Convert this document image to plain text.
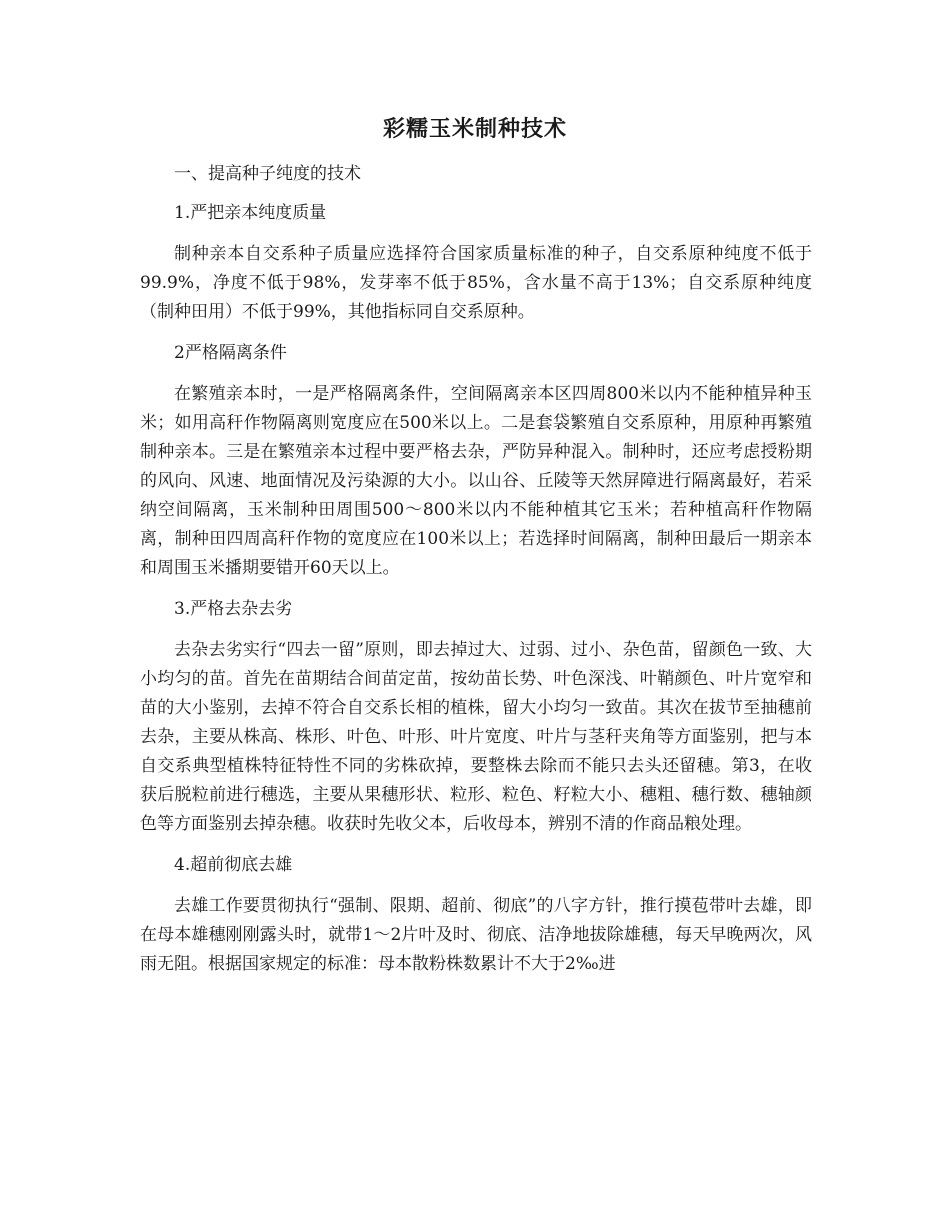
彩糯玉米制种技术

一、提高种子纯度的技术

1.严把亲本纯度质量

制种亲本自交系种子质量应选择符合国家质量标准的种子，自交系原种纯度不低于99.9%，净度不低于98%，发芽率不低于85%，含水量不高于13%；自交系原种纯度（制种田用）不低于99%，其他指标同自交系原种。

2严格隔离条件

在繁殖亲本时，一是严格隔离条件，空间隔离亲本区四周800米以内不能种植异种玉米；如用高秆作物隔离则宽度应在500米以上。二是套袋繁殖自交系原种，用原种再繁殖制种亲本。三是在繁殖亲本过程中要严格去杂，严防异种混入。制种时，还应考虑授粉期的风向、风速、地面情况及污染源的大小。以山谷、丘陵等天然屏障进行隔离最好，若采纳空间隔离，玉米制种田周围500～800米以内不能种植其它玉米；若种植高秆作物隔离，制种田四周高秆作物的宽度应在100米以上；若选择时间隔离，制种田最后一期亲本和周围玉米播期要错开60天以上。

3.严格去杂去劣

去杂去劣实行“四去一留”原则，即去掉过大、过弱、过小、杂色苗，留颜色一致、大小均匀的苗。首先在苗期结合间苗定苗，按幼苗长势、叶色深浅、叶鞘颜色、叶片宽窄和苗的大小鉴别，去掉不符合自交系长相的植株，留大小均匀一致苗。其次在拔节至抽穗前去杂，主要从株高、株形、叶色、叶形、叶片宽度、叶片与茎秆夹角等方面鉴别，把与本自交系典型植株特征特性不同的劣株砍掉，要整株去除而不能只去头还留穗。第3，在收获后脱粒前进行穗选，主要从果穗形状、粒形、粒色、籽粒大小、穗粗、穗行数、穗轴颜色等方面鉴别去掉杂穗。收获时先收父本，后收母本，辨别不清的作商品粮处理。

4.超前彻底去雄

去雄工作要贯彻执行“强制、限期、超前、彻底”的八字方针，推行摸苞带叶去雄，即在母本雄穗刚刚露头时，就带1～2片叶及时、彻底、洁净地拔除雄穗，每天早晚两次，风雨无阻。根据国家规定的标准：母本散粉株数累计不大于2‰进
